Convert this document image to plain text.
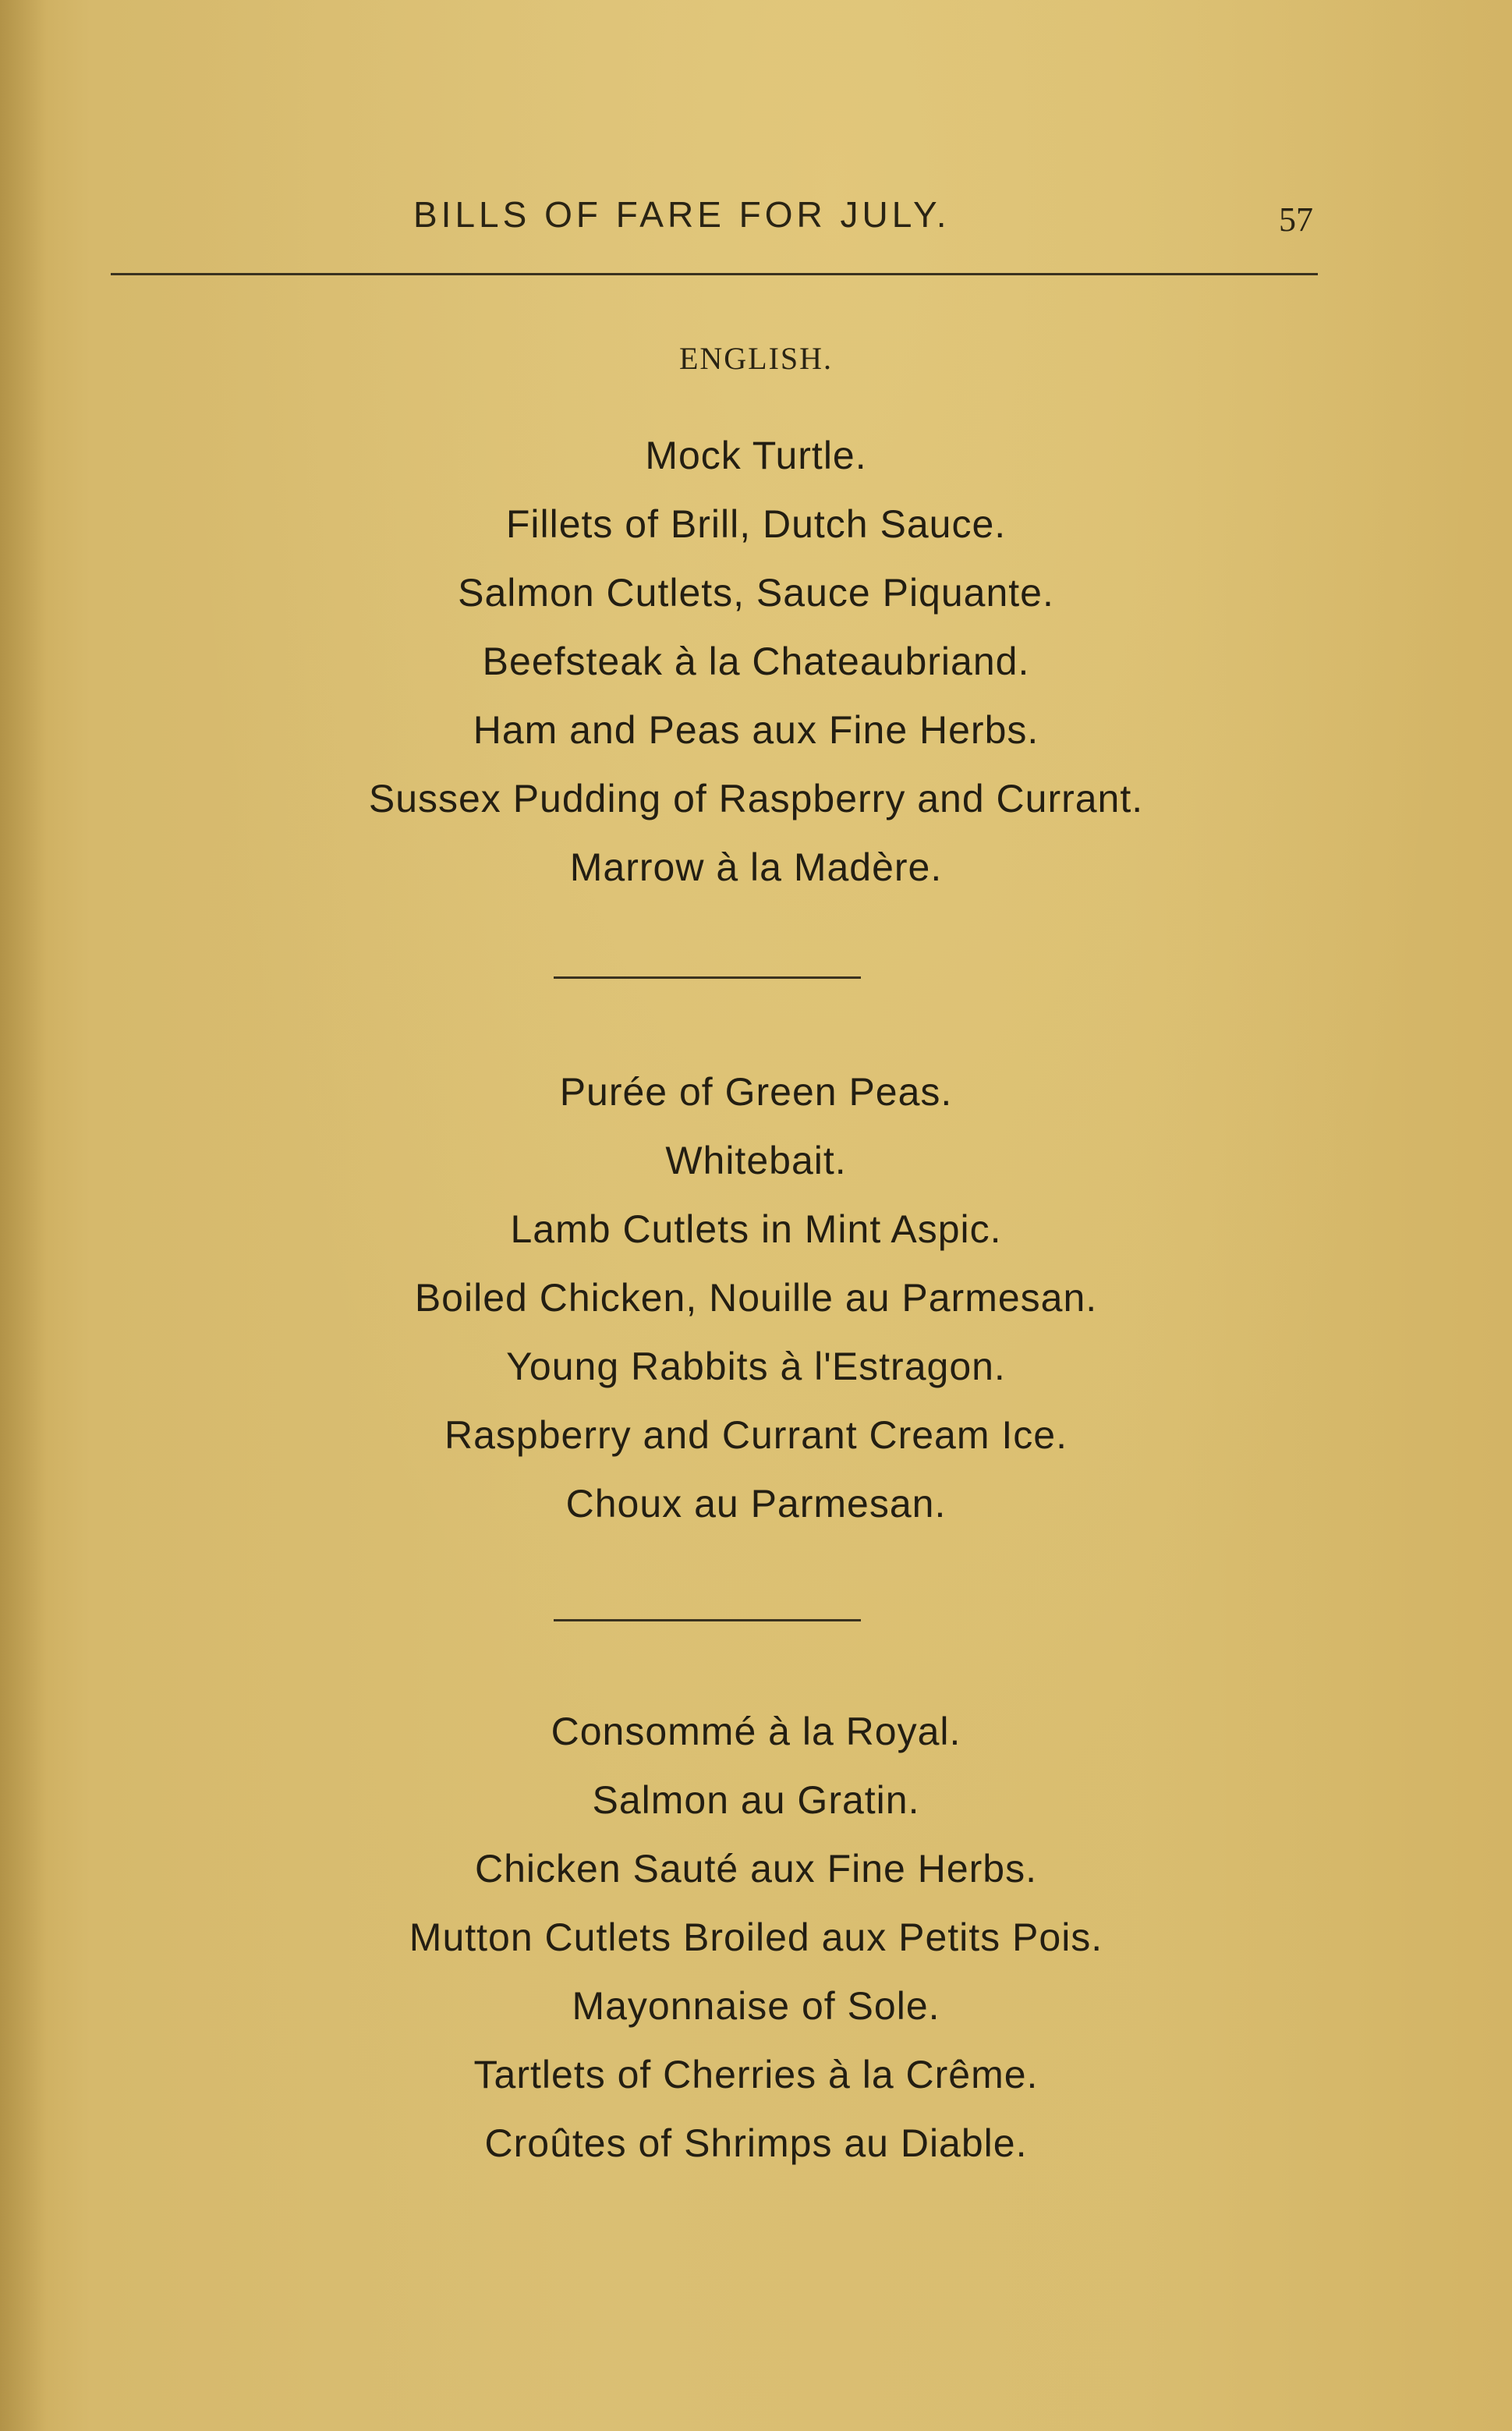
BILLS OF FARE FOR JULY.	57
ENGLISH.
Mock Turtle.
Fillets of Brill, Dutch Sauce.
Salmon Cutlets, Sauce Piquante.
Beefsteak à la Chateaubriand.
Ham and Peas aux Fine Herbs.
Sussex Pudding of Raspberry and Currant.
Marrow à la Madère.
Purée of Green Peas.
Whitebait.
Lamb Cutlets in Mint Aspic.
Boiled Chicken, Nouille au Parmesan.
Young Rabbits à l'Estragon.
Raspberry and Currant Cream Ice.
Choux au Parmesan.
Consommé à la Royal.
Salmon au Gratin.
Chicken Sauté aux Fine Herbs.
Mutton Cutlets Broiled aux Petits Pois.
Mayonnaise of Sole.
Tartlets of Cherries à la Crême.
Croûtes of Shrimps au Diable.
